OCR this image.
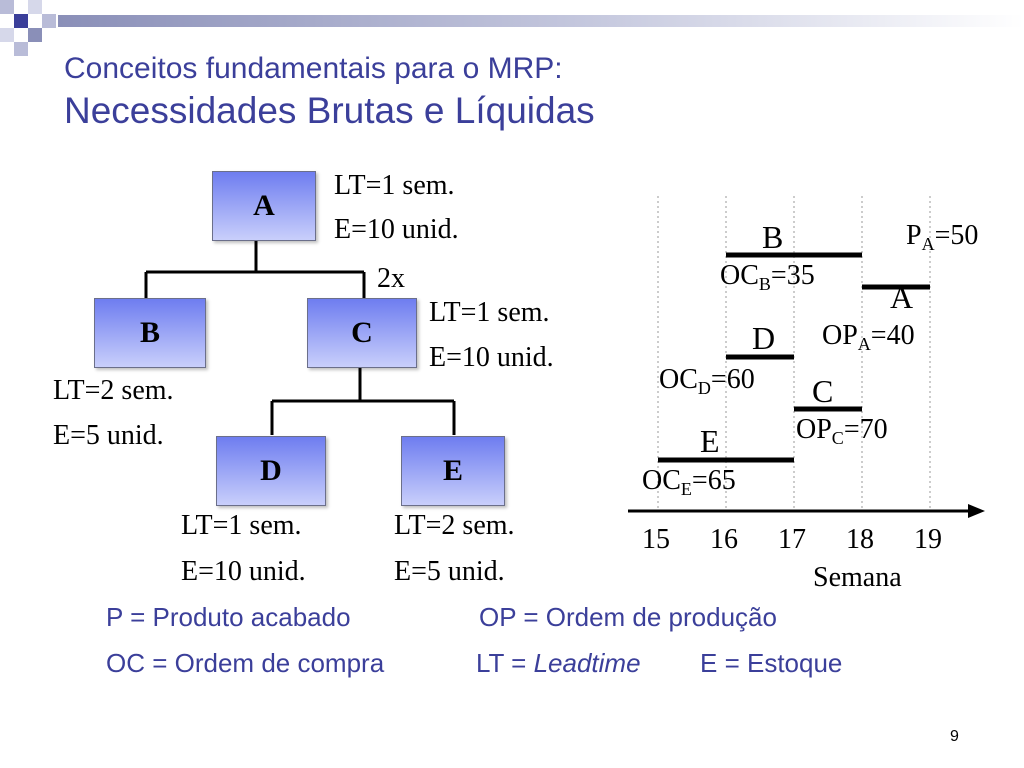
Conceitos fundamentais para o MRP:
Necessidades Brutas e Líquidas
A
B	C
D	E
LT=1 sem.
E=10 unid.
2x
LT=1 sem.
E=10 unid.
LT=2 sem.
E=5 unid.
LT=1 sem.
E=10 unid.
LT=2 sem.
E=5 unid.
15 16 17 18 19
Semana
$P_A=50$
B
$OC_B=35$
A
$OP_A=40$
D
$OC_D=60$ C
$OP_C=70$
E
$OC_E=65$
P = Produto acabado	OP = Ordem de produção
OC = Ordem de compra	LT = Leadtime E = Estoque
9
